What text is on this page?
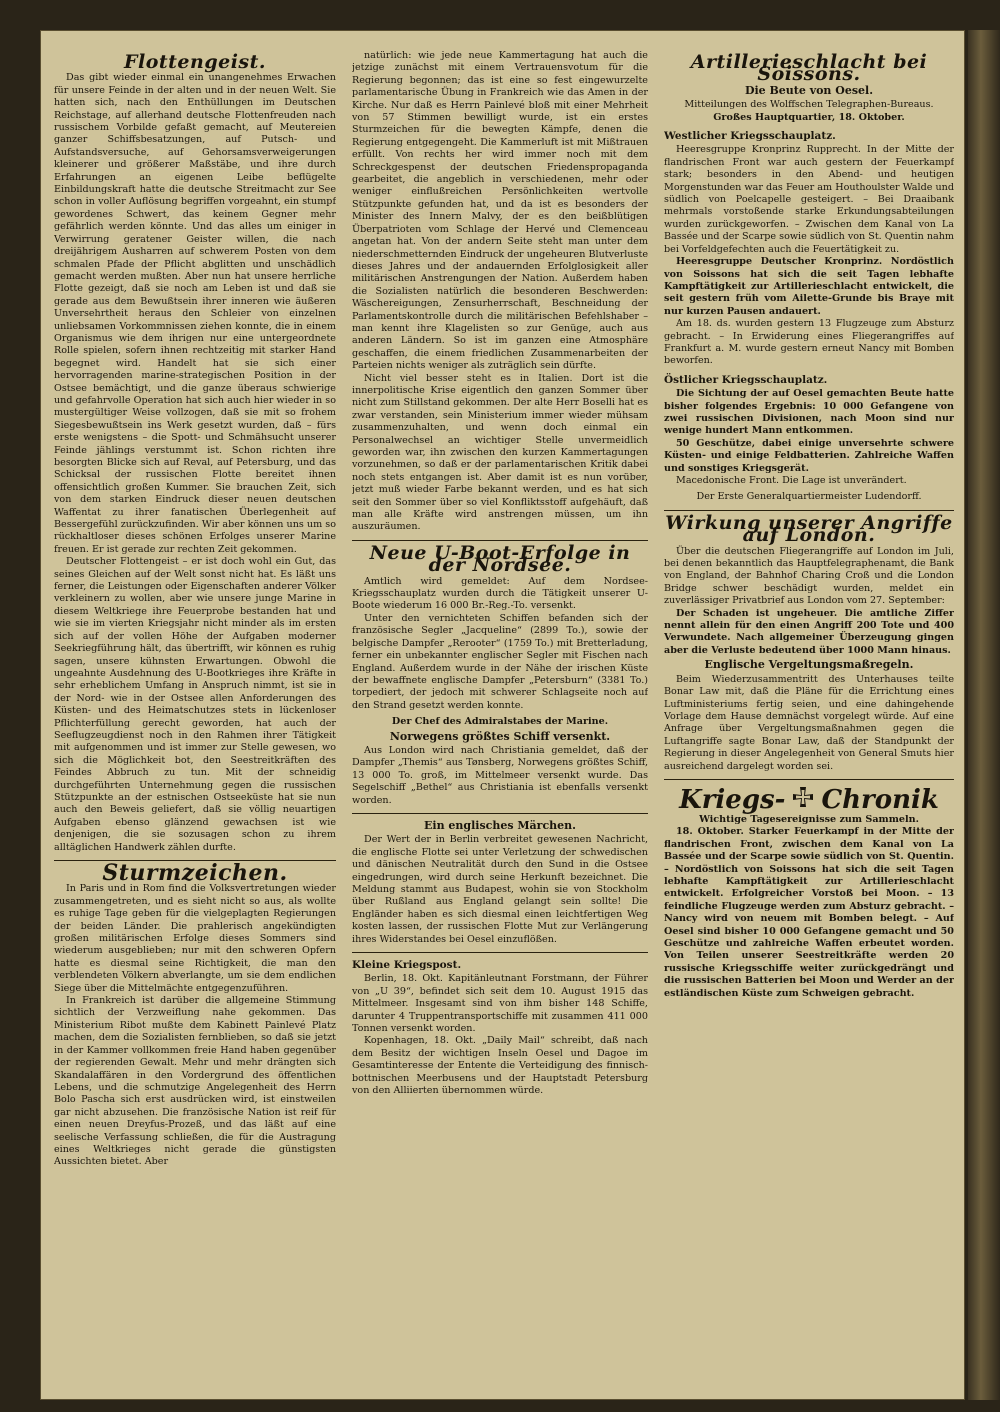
Flottengeist.

Das gibt wieder einmal ein unangenehmes Erwachen für unsere Feinde in der alten und in der neuen Welt. Sie hatten sich, nach den Enthüllungen im Deutschen Reichstage, auf allerhand deutsche Flottenfreuden nach russischem Vorbilde gefaßt gemacht, auf Meutereien ganzer Schiffsbesatzungen, auf Putsch- und Aufstandsversuche, auf Gehorsamsverweigerungen kleinerer und größerer Maßstäbe, und ihre durch Erfahrungen an eigenen Leibe beflügelte Einbildungskraft hatte die deutsche Streitmacht zur See schon in voller Auflösung begriffen vorgeahnt, ein stumpf gewordenes Schwert, das keinem Gegner mehr gefährlich werden könnte. Und das alles um einiger in Verwirrung geratener Geister willen, die nach dreijährigem Ausharren auf schwerem Posten von dem schmalen Pfade der Pflicht abglitten und unschädlich gemacht werden mußten. Aber nun hat unsere herrliche Flotte gezeigt, daß sie noch am Leben ist und daß sie gerade aus dem Bewußtsein ihrer inneren wie äußeren Unversehrtheit heraus den Schleier von einzelnen unliebsamen Vorkommnissen ziehen konnte, die in einem Organismus wie dem ihrigen nur eine untergeordnete Rolle spielen, sofern ihnen rechtzeitig mit starker Hand begegnet wird. Handelt hat sie sich einer hervorragenden marine-strategischen Position in der Ostsee bemächtigt, und die ganze überaus schwierige und gefahrvolle Operation hat sich auch hier wieder in so mustergültiger Weise vollzogen, daß sie mit so frohem Siegesbewußtsein ins Werk gesetzt wurden, daß – fürs erste wenigstens – die Spott- und Schmähsucht unserer Feinde jählings verstummt ist. Schon richten ihre besorgten Blicke sich auf Reval, auf Petersburg, und das Schicksal der russischen Flotte bereitet ihnen offensichtlich großen Kummer. Sie brauchen Zeit, sich von dem starken Eindruck dieser neuen deutschen Waffentat zu ihrer fanatischen Überlegenheit auf Bessergefühl zurückzufinden. Wir aber können uns um so rückhaltloser dieses schönen Erfolges unserer Marine freuen. Er ist gerade zur rechten Zeit gekommen.

Deutscher Flottengeist – er ist doch wohl ein Gut, das seines Gleichen auf der Welt sonst nicht hat. Es läßt uns ferner, die Leistungen oder Eigenschaften anderer Völker verkleinern zu wollen, aber wie unsere junge Marine in diesem Weltkriege ihre Feuerprobe bestanden hat und wie sie im vierten Kriegsjahr nicht minder als im ersten sich auf der vollen Höhe der Aufgaben moderner Seekriegführung hält, das übertrifft, wir können es ruhig sagen, unsere kühnsten Erwartungen. Obwohl die ungeahnte Ausdehnung des U-Bootkrieges ihre Kräfte in sehr erheblichem Umfang in Anspruch nimmt, ist sie in der Nord- wie in der Ostsee allen Anforderungen des Küsten- und des Heimatschutzes stets in lückenloser Pflichterfüllung gerecht geworden, hat auch der Seeflugzeugdienst noch in den Rahmen ihrer Tätigkeit mit aufgenommen und ist immer zur Stelle gewesen, wo sich die Möglichkeit bot, den Seestreitkräften des Feindes Abbruch zu tun. Mit der schneidig durchgeführten Unternehmung gegen die russischen Stützpunkte an der estnischen Ostseeküste hat sie nun auch den Beweis geliefert, daß sie völlig neuartigen Aufgaben ebenso glänzend gewachsen ist wie denjenigen, die sie sozusagen schon zu ihrem alltäglichen Handwerk zählen durfte.

Sturmzeichen.

In Paris und in Rom find die Volksvertretungen wieder zusammengetreten, und es sieht nicht so aus, als wollte es ruhige Tage geben für die vielgeplagten Regierungen der beiden Länder. Die prahlerisch angekündigten großen militärischen Erfolge dieses Sommers sind wiederum ausgeblieben; nur mit den schweren Opfern hatte es diesmal seine Richtigkeit, die man den verblendeten Völkern abverlangte, um sie dem endlichen Siege über die Mittelmächte entgegenzuführen.

In Frankreich ist darüber die allgemeine Stimmung sichtlich der Verzweiflung nahe gekommen. Das Ministerium Ribot mußte dem Kabinett Painlevé Platz machen, dem die Sozialisten fernblieben, so daß sie jetzt in der Kammer vollkommen freie Hand haben gegenüber der regierenden Gewalt. Mehr und mehr drängten sich Skandalaffären in den Vordergrund des öffentlichen Lebens, und die schmutzige Angelegenheit des Herrn Bolo Pascha sich erst ausdrücken wird, ist einstweilen gar nicht abzusehen. Die französische Nation ist reif für einen neuen Dreyfus-Prozeß, und das läßt auf eine seelische Verfassung schließen, die für die Austragung eines Weltkrieges nicht gerade die günstigsten Aussichten bietet. Aber

natürlich: wie jede neue Kammertagung hat auch die jetzige zunächst mit einem Vertrauensvotum für die Regierung begonnen; das ist eine so fest eingewurzelte parlamentarische Übung in Frankreich wie das Amen in der Kirche. Nur daß es Herrn Painlevé bloß mit einer Mehrheit von 57 Stimmen bewilligt wurde, ist ein erstes Sturmzeichen für die bewegten Kämpfe, denen die Regierung entgegengeht. Die Kammerluft ist mit Mißtrauen erfüllt. Von rechts her wird immer noch mit dem Schreckgespenst der deutschen Friedenspropaganda gearbeitet, die angeblich in verschiedenen, mehr oder weniger einflußreichen Persönlichkeiten wertvolle Stützpunkte gefunden hat, und da ist es besonders der Minister des Innern Malvy, der es den beißblütigen Überpatrioten vom Schlage der Hervé und Clemenceau angetan hat. Von der andern Seite steht man unter dem niederschmetternden Eindruck der ungeheuren Blutverluste dieses Jahres und der andauernden Erfolglosigkeit aller militärischen Anstrengungen der Nation. Außerdem haben die Sozialisten natürlich die besonderen Beschwerden: Wäschereigungen, Zensurherrschaft, Beschneidung der Parlamentskontrolle durch die militärischen Befehlshaber – man kennt ihre Klagelisten so zur Genüge, auch aus anderen Ländern. So ist im ganzen eine Atmosphäre geschaffen, die einem friedlichen Zusammenarbeiten der Parteien nichts weniger als zuträglich sein dürfte.

Nicht viel besser steht es in Italien. Dort ist die innerpolitische Krise eigentlich den ganzen Sommer über nicht zum Stillstand gekommen. Der alte Herr Boselli hat es zwar verstanden, sein Ministerium immer wieder mühsam zusammenzuhalten, und wenn doch einmal ein Personalwechsel an wichtiger Stelle unvermeidlich geworden war, ihn zwischen den kurzen Kammertagungen vorzunehmen, so daß er der parlamentarischen Kritik dabei noch stets entgangen ist. Aber damit ist es nun vorüber, jetzt muß wieder Farbe bekannt werden, und es hat sich seit den Sommer über so viel Konfliktsstoff aufgehäuft, daß man alle Kräfte wird anstrengen müssen, um ihn auszuräumen.

Neue U-Boot-Erfolge in der Nordsee.

Amtlich wird gemeldet: Auf dem Nordsee-Kriegsschauplatz wurden durch die Tätigkeit unserer U-Boote wiederum 16 000 Br.-Reg.-To. versenkt.

Unter den vernichteten Schiffen befanden sich der französische Segler „Jacqueline“ (2899 To.), sowie der belgische Dampfer „Rerooter“ (1759 To.) mit Bretterladung, ferner ein unbekannter englischer Segler mit Fischen nach England. Außerdem wurde in der Nähe der irischen Küste der bewaffnete englische Dampfer „Petersburn“ (3381 To.) torpediert, der jedoch mit schwerer Schlagseite noch auf den Strand gesetzt werden konnte.

Der Chef des Admiralstabes der Marine.
Norwegens größtes Schiff versenkt.

Aus London wird nach Christiania gemeldet, daß der Dampfer „Themis“ aus Tønsberg, Norwegens größtes Schiff, 13 000 To. groß, im Mittelmeer versenkt wurde. Das Segelschiff „Bethel“ aus Christiania ist ebenfalls versenkt worden.

Ein englisches Märchen.

Der Wert der in Berlin verbreitet gewesenen Nachricht, die englische Flotte sei unter Verletzung der schwedischen und dänischen Neutralität durch den Sund in die Ostsee eingedrungen, wird durch seine Herkunft bezeichnet. Die Meldung stammt aus Budapest, wohin sie von Stockholm über Rußland aus England gelangt sein sollte! Die Engländer haben es sich diesmal einen leichtfertigen Weg kosten lassen, der russischen Flotte Mut zur Verlängerung ihres Widerstandes bei Oesel einzuflößen.

Kleine Kriegspost.

Berlin, 18. Okt. Kapitänleutnant Forstmann, der Führer von „U 39“, befindet sich seit dem 10. August 1915 das Mittelmeer. Insgesamt sind von ihm bisher 148 Schiffe, darunter 4 Truppentransportschiffe mit zusammen 411 000 Tonnen versenkt worden.

Kopenhagen, 18. Okt. „Daily Mail“ schreibt, daß nach dem Besitz der wichtigen Inseln Oesel und Dagoe im Gesamtinteresse der Entente die Verteidigung des finnisch-bottnischen Meerbusens und der Hauptstadt Petersburg von den Alliierten übernommen würde.

Artillerieschlacht bei Soissons.
Die Beute von Oesel.
Mitteilungen des Wolffschen Telegraphen-Bureaus.
Großes Hauptquartier, 18. Oktober.
Westlicher Kriegsschauplatz.

Heeresgruppe Kronprinz Rupprecht. In der Mitte der flandrischen Front war auch gestern der Feuerkampf stark; besonders in den Abend- und heutigen Morgenstunden war das Feuer am Houthoulster Walde und südlich von Poelcapelle gesteigert. – Bei Draaibank mehrmals vorstoßende starke Erkundungsabteilungen wurden zurückgeworfen. – Zwischen dem Kanal von La Bassée und der Scarpe sowie südlich von St. Quentin nahm bei Vorfeldgefechten auch die Feuertätigkeit zu.

Heeresgruppe Deutscher Kronprinz. Nordöstlich von Soissons hat sich die seit Tagen lebhafte Kampftätigkeit zur Artillerieschlacht entwickelt, die seit gestern früh vom Ailette-Grunde bis Braye mit nur kurzen Pausen andauert.

Am 18. ds. wurden gestern 13 Flugzeuge zum Absturz gebracht. – In Erwiderung eines Fliegerangriffes auf Frankfurt a. M. wurde gestern erneut Nancy mit Bomben beworfen.

Östlicher Kriegsschauplatz.

Die Sichtung der auf Oesel gemachten Beute hatte bisher folgendes Ergebnis: 10 000 Gefangene von zwei russischen Divisionen, nach Moon sind nur wenige hundert Mann entkommen.

50 Geschütze, dabei einige unversehrte schwere Küsten- und einige Feldbatterien. Zahlreiche Waffen und sonstiges Kriegsgerät.

Macedonische Front. Die Lage ist unverändert.

Der Erste Generalquartiermeister Ludendorff.
Wirkung unserer Angriffe auf London.

Über die deutschen Fliegerangriffe auf London im Juli, bei denen bekanntlich das Hauptfelegraphenamt, die Bank von England, der Bahnhof Charing Croß und die London Bridge schwer beschädigt wurden, meldet ein zuverlässiger Privatbrief aus London vom 27. September:

Der Schaden ist ungeheuer. Die amtliche Ziffer nennt allein für den einen Angriff 200 Tote und 400 Verwundete. Nach allgemeiner Überzeugung gingen aber die Verluste bedeutend über 1000 Mann hinaus.

Englische Vergeltungsmaßregeln.

Beim Wiederzusammentritt des Unterhauses teilte Bonar Law mit, daß die Pläne für die Errichtung eines Luftministeriums fertig seien, und eine dahingehende Vorlage dem Hause demnächst vorgelegt würde. Auf eine Anfrage über Vergeltungsmaßnahmen gegen die Luftangriffe sagte Bonar Law, daß der Standpunkt der Regierung in dieser Angelegenheit von General Smuts hier ausreichend dargelegt worden sei.

Kriegs- Chronik
Wichtige Tagesereignisse zum Sammeln.

18. Oktober. Starker Feuerkampf in der Mitte der flandrischen Front, zwischen dem Kanal von La Bassée und der Scarpe sowie südlich von St. Quentin. – Nordöstlich von Soissons hat sich die seit Tagen lebhafte Kampftätigkeit zur Artillerieschlacht entwickelt. Erfolgreicher Vorstoß bei Moon. – 13 feindliche Flugzeuge werden zum Absturz gebracht. – Nancy wird von neuem mit Bomben belegt. – Auf Oesel sind bisher 10 000 Gefangene gemacht und 50 Geschütze und zahlreiche Waffen erbeutet worden. Von Teilen unserer Seestreitkräfte werden 20 russische Kriegsschiffe weiter zurückgedrängt und die russischen Batterien bei Moon und Werder an der estländischen Küste zum Schweigen gebracht.
